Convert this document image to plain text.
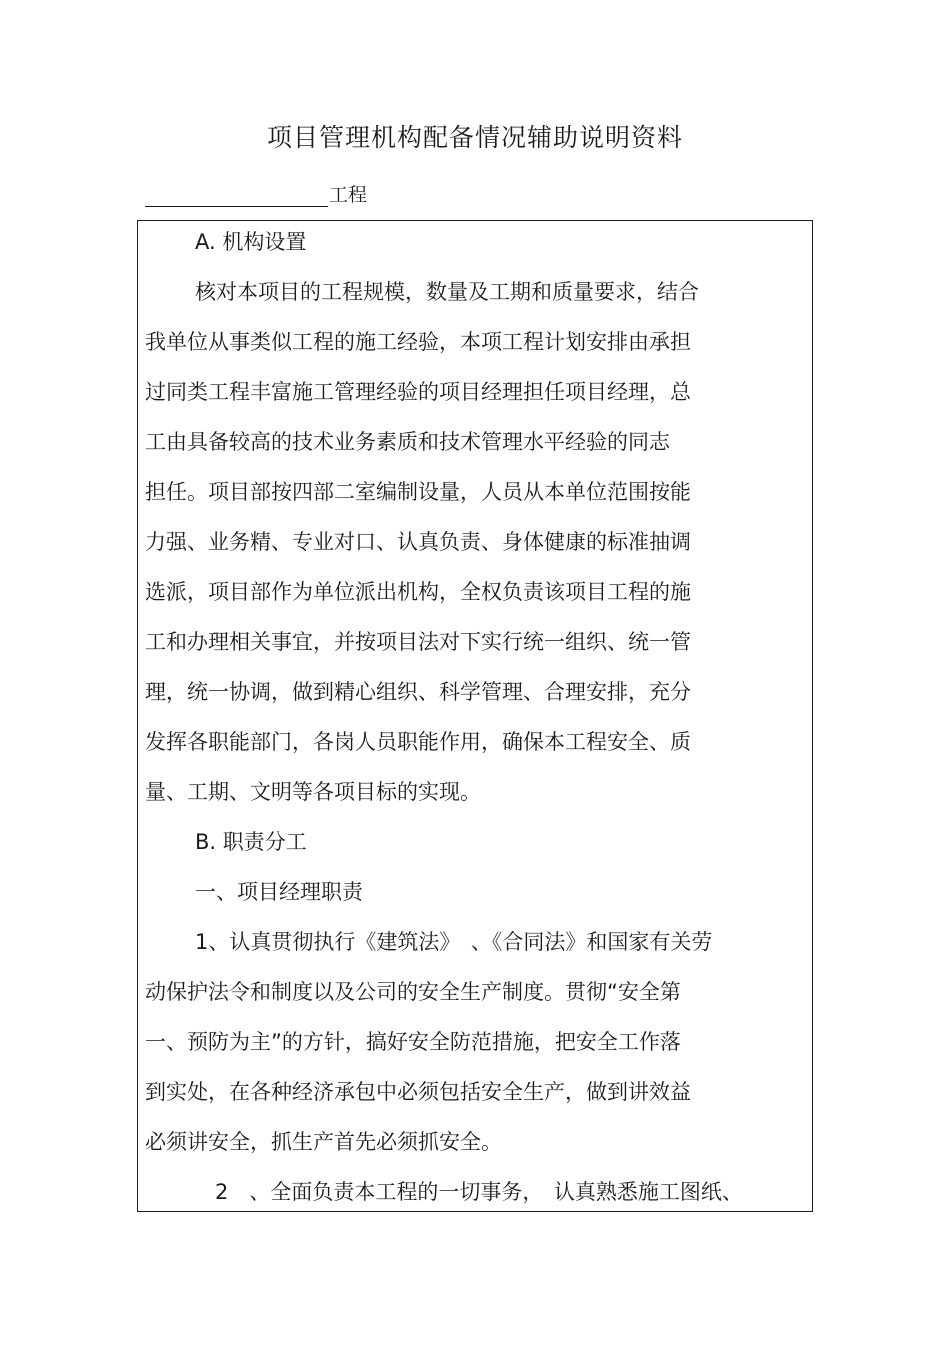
项目管理机构配备情况辅助说明资料
工程
A. 机构设置
核对本项目的工程规模，数量及工期和质量要求，结合
我单位从事类似工程的施工经验，本项工程计划安排由承担
过同类工程丰富施工管理经验的项目经理担任项目经理，总
工由具备较高的技术业务素质和技术管理水平经验的同志
担任。项目部按四部二室编制设量，人员从本单位范围按能
力强、业务精、专业对口、认真负责、身体健康的标准抽调
选派，项目部作为单位派出机构，全权负责该项目工程的施
工和办理相关事宜，并按项目法对下实行统一组织、统一管
理，统一协调，做到精心组织、科学管理、合理安排，充分
发挥各职能部门，各岗人员职能作用，确保本工程安全、质
量、工期、文明等各项目标的实现。
B. 职责分工
一、项目经理职责
1、认真贯彻执行《建筑法》　、《合同法》和国家有关劳
动保护法令和制度以及公司的安全生产制度。贯彻“安全第
一、预防为主”的方针，搞好安全防范措施，把安全工作落
到实处，在各种经济承包中必须包括安全生产，做到讲效益
必须讲安全，抓生产首先必须抓安全。
2　、全面负责本工程的一切事务，　认真熟悉施工图纸、
